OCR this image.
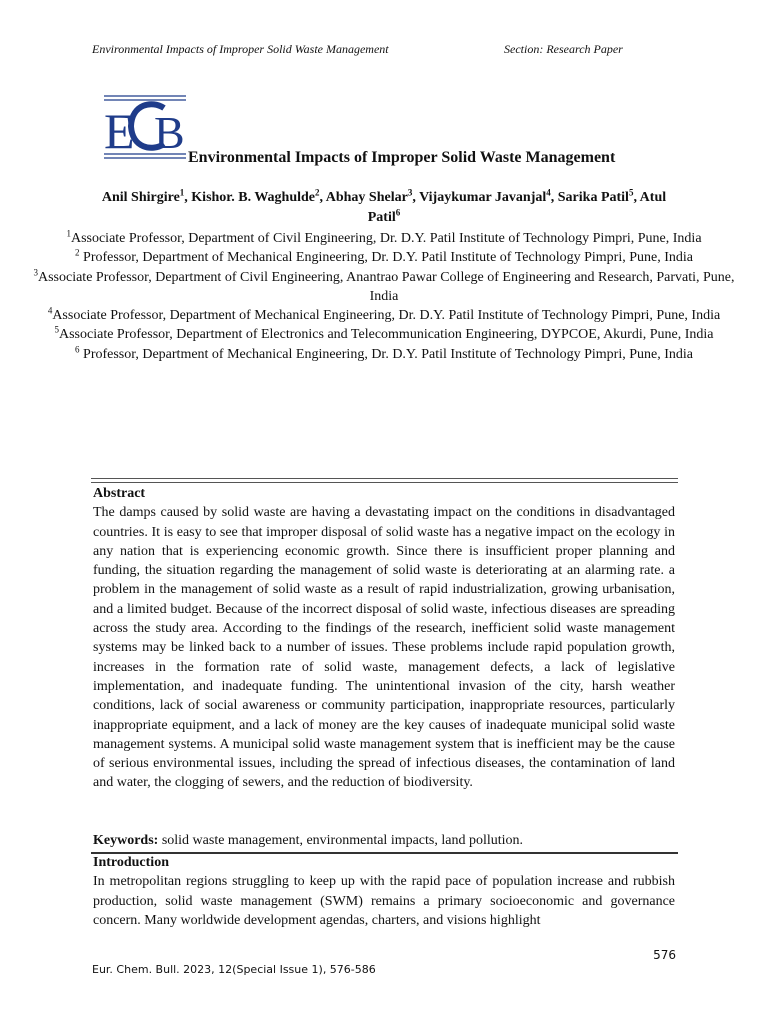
Environmental Impacts of Improper Solid Waste Management	Section: Research Paper
E B Environmental Impacts of Improper Solid Waste Management
Anil Shirgire$^1$, Kishor. B. Waghulde$^2$, Abhay Shelar$^3$, Vijaykumar Javanjal$^4$, Sarika Patil$^5$, Atul Patil$^6$

$^1$Associate Professor, Department of Civil Engineering, Dr. D.Y. Patil Institute of Technology Pimpri, Pune, India

$^2$ Professor, Department of Mechanical Engineering, Dr. D.Y. Patil Institute of Technology Pimpri, Pune, India

$^3$Associate Professor, Department of Civil Engineering, Anantrao Pawar College of Engineering and Research, Parvati, Pune, India

$^4$Associate Professor, Department of Mechanical Engineering, Dr. D.Y. Patil Institute of Technology Pimpri, Pune, India

$^5$Associate Professor, Department of Electronics and Telecommunication Engineering, DYPCOE, Akurdi, Pune, India

$^6$ Professor, Department of Mechanical Engineering, Dr. D.Y. Patil Institute of Technology Pimpri, Pune, India

Abstract

The damps caused by solid waste are having a devastating impact on the conditions in disadvantaged countries. It is easy to see that improper disposal of solid waste has a negative impact on the ecology in any nation that is experiencing economic growth. Since there is insufficient proper planning and funding, the situation regarding the management of solid waste is deteriorating at an alarming rate. a problem in the management of solid waste as a result of rapid industrialization, growing urbanisation, and a limited budget. Because of the incorrect disposal of solid waste, infectious diseases are spreading across the study area. According to the findings of the research, inefficient solid waste management systems may be linked back to a number of issues. These problems include rapid population growth, increases in the formation rate of solid waste, management defects, a lack of legislative implementation, and inadequate funding. The unintentional invasion of the city, harsh weather conditions, lack of social awareness or community participation, inappropriate resources, particularly inappropriate equipment, and a lack of money are the key causes of inadequate municipal solid waste management systems. A municipal solid waste management system that is inefficient may be the cause of serious environmental issues, including the spread of infectious diseases, the contamination of land and water, the clogging of sewers, and the reduction of biodiversity.

Keywords: solid waste management, environmental impacts, land pollution.
Introduction

In metropolitan regions struggling to keep up with the rapid pace of population increase and rubbish production, solid waste management (SWM) remains a primary socioeconomic and governance concern. Many worldwide development agendas, charters, and visions highlight

576
Eur. Chem. Bull. 2023, 12(Special Issue 1), 576-586
